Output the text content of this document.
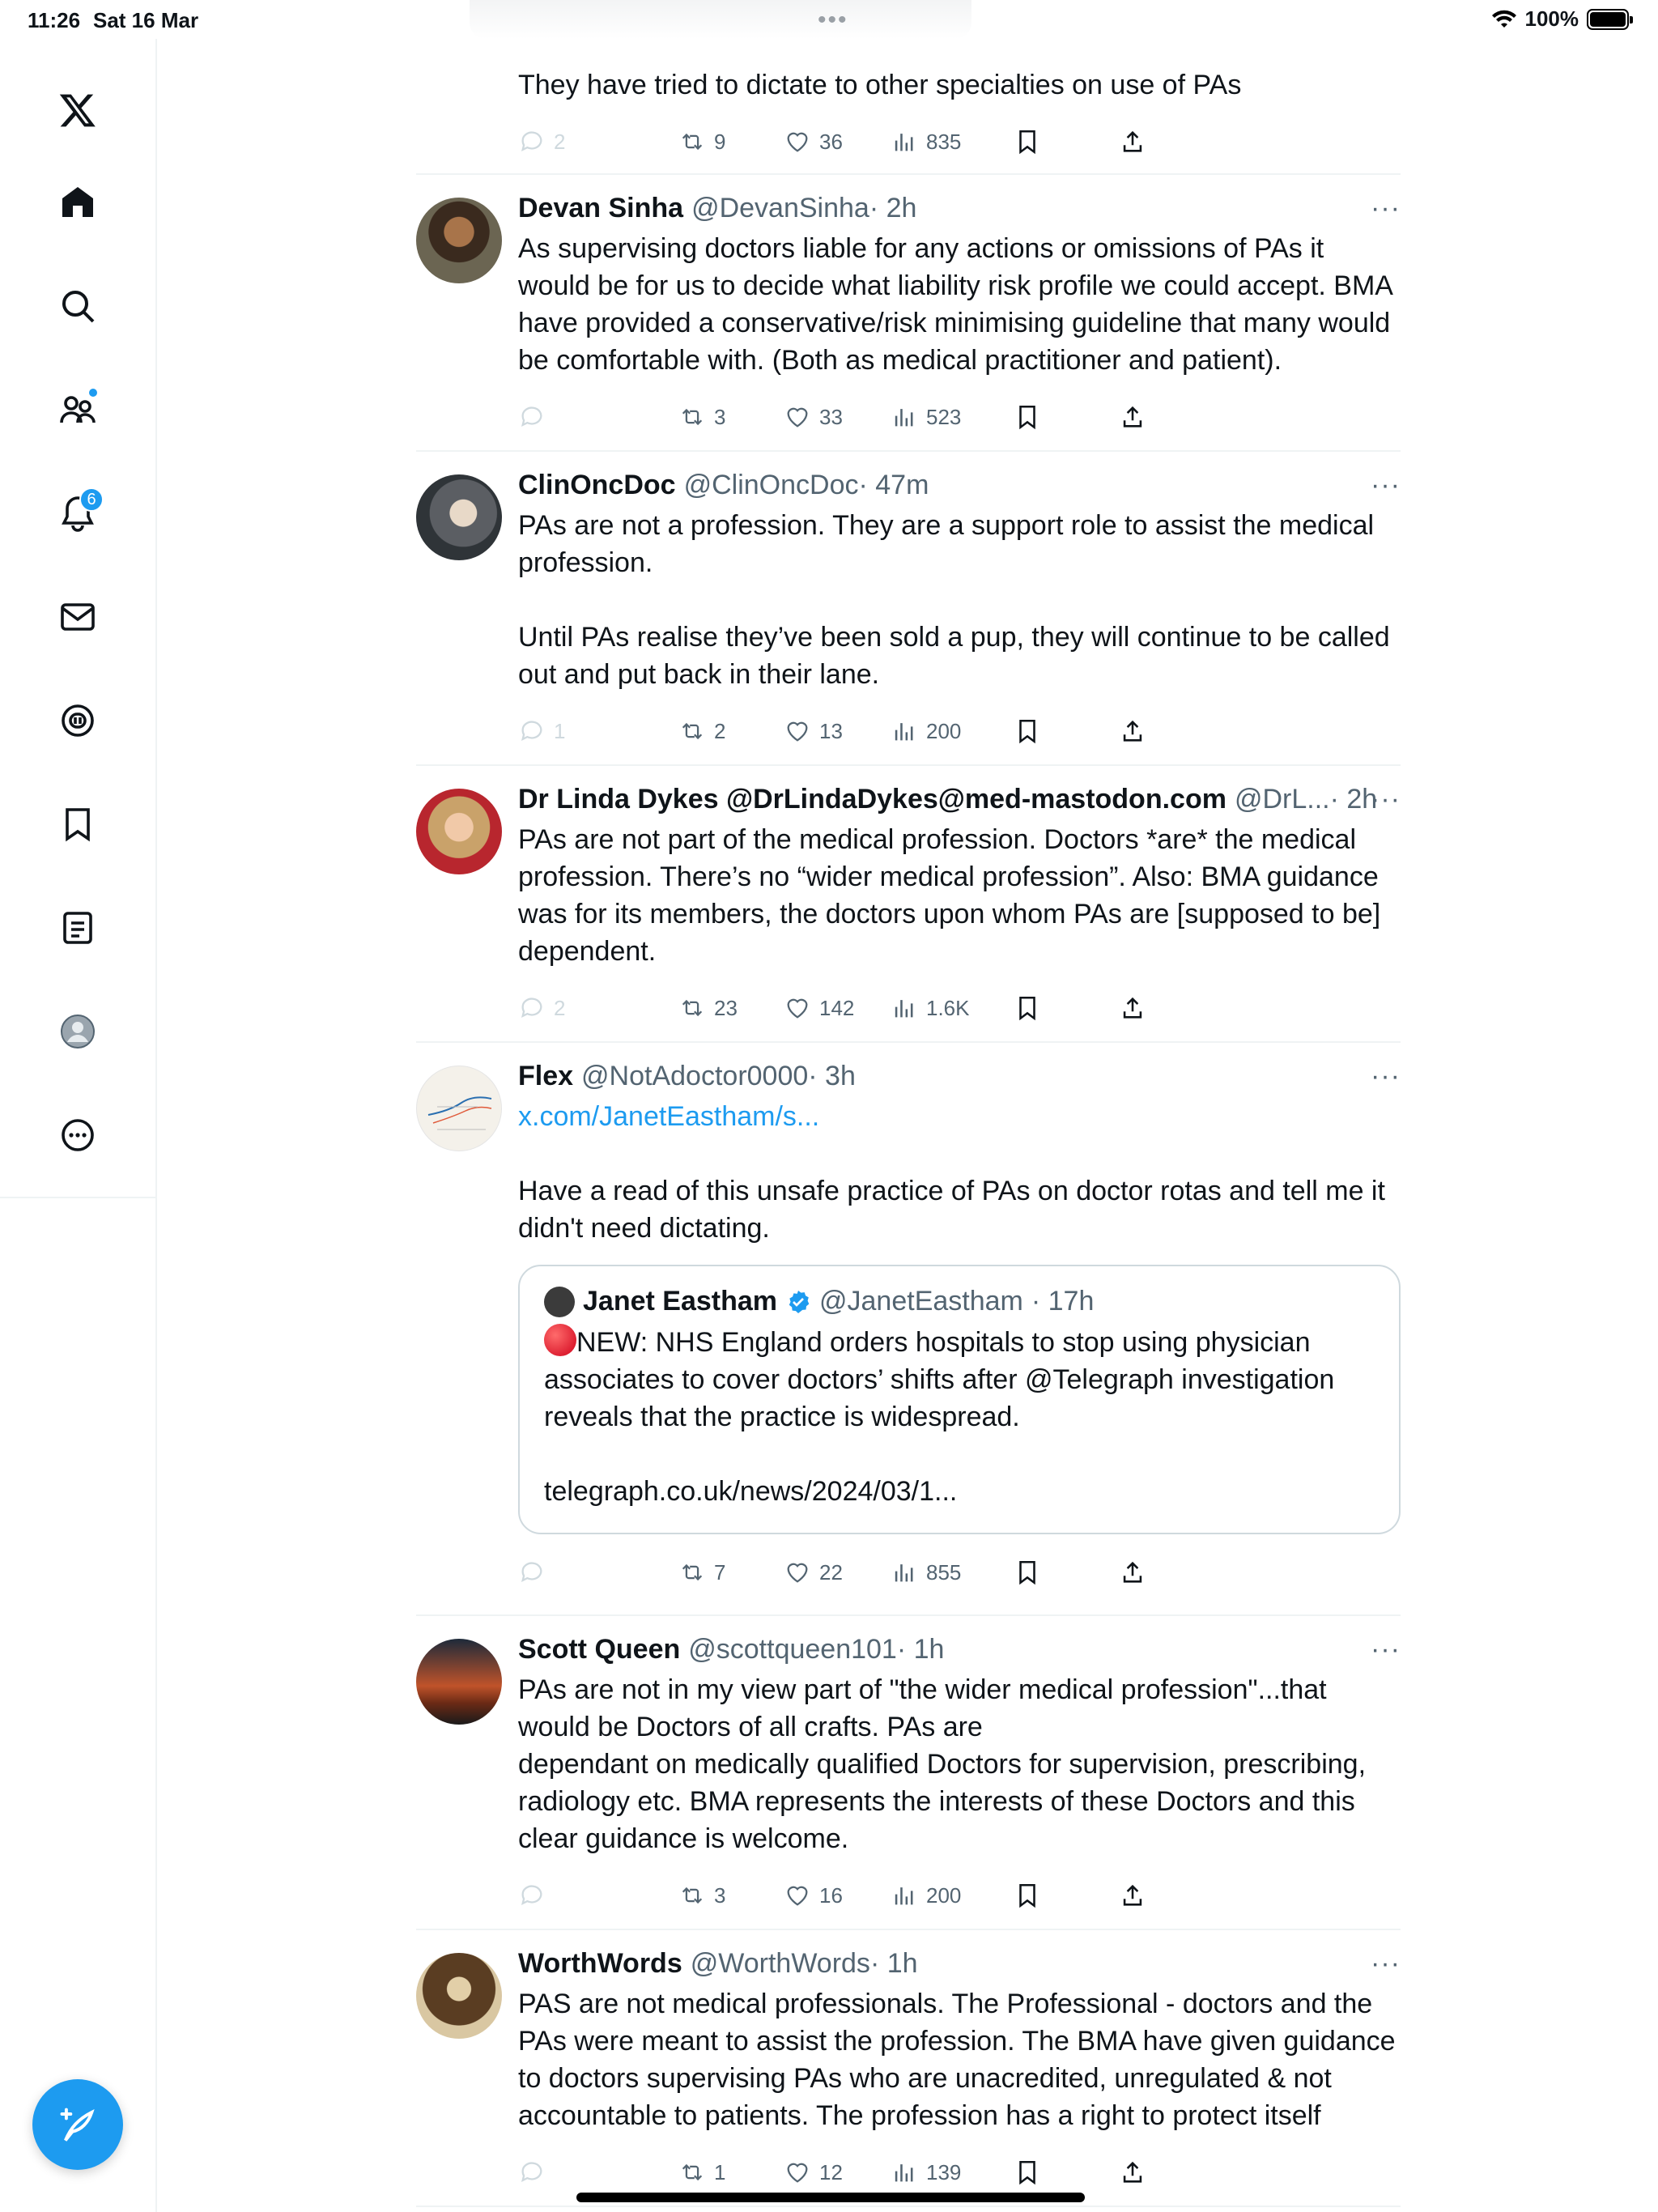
11:26 Sat 16 Mar	•••	100%
6
They have tried to dictate to other specialties on use of PAs
2	9	36	835
Devan Sinha @DevanSinha · 2h	···
As supervising doctors liable for any actions or omissions of PAs it would be for us to decide what liability risk profile we could accept. BMA have provided a conservative/risk minimising guideline that many would be comfortable with. (Both as medical practitioner and patient).
3	33	523
ClinOncDoc @ClinOncDoc · 47m	···
PAs are not a profession. They are a support role to assist the medical profession.

Until PAs realise they’ve been sold a pup, they will continue to be called out and put back in their lane.
1	2	13	200
Dr Linda Dykes @DrLindaDykes@med-mastodon.com @DrL... · 2h
···
PAs are not part of the medical profession. Doctors *are* the medical profession. There’s no “wider medical profession”. Also: BMA guidance was for its members, the doctors upon whom PAs are [supposed to be] dependent.
2	23	142	1.6K
Flex @NotAdoctor0000 · 3h	···
x.com/JanetEastham/s...
Have a read of this unsafe practice of PAs on doctor rotas and tell me it didn't need dictating.
Janet Eastham @JanetEastham · 17h
NEW: NHS England orders hospitals to stop using physician associates to cover doctors’ shifts after @Telegraph investigation reveals that the practice is widespread.
telegraph.co.uk/news/2024/03/1...
7	22	855
Scott Queen @scottqueen101 · 1h	···
PAs are not in my view part of "the wider medical profession"...that would be Doctors of all crafts. PAs are
dependant on medically qualified Doctors for supervision, prescribing, radiology etc. BMA represents the interests of these Doctors and this clear guidance is welcome.
3	16	200
WorthWords @WorthWords · 1h	···
PAS are not medical professionals. The Professional - doctors and the PAs were meant to assist the profession. The BMA have given guidance to doctors supervising PAs who are unacredited, unregulated & not accountable to patients. The profession has a right to protect itself
1	12	139
